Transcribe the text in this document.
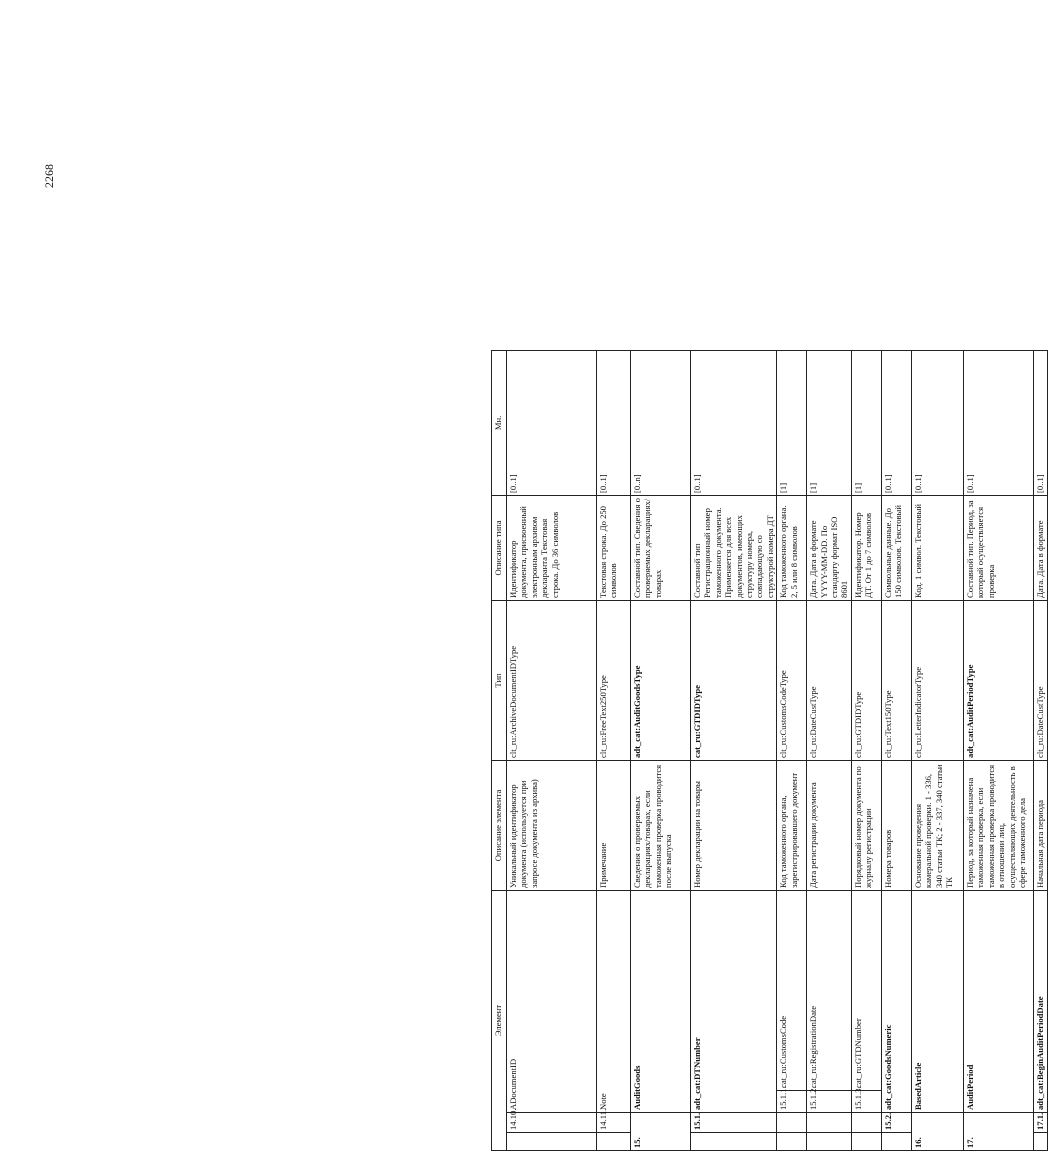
2268
Элемент				Описание элемента	Тип	Описание типа	Мн.
	14.10.	ADocumentID		Уникальный идентификатор документа (используется при запросе документа из архива)	clt_ru:ArchiveDocumentIDType	Идентификатор документа, присвоенный электронным архивом декларанта Текстовая строка. До 36 символов	[0..1]
	14.11.	Note		Примечание	clt_ru:FreeText250Type	Текстовая строка. До 250 символов	[0..1]
15.		AuditGoods		Сведения о проверяемых декларациях/товарах, если таможенная проверка проводится после выпуска	adt_cat:AuditGoodsType	Составной тип. Сведения о проверяемых декларациях/товарах	[0..n]
	15.1.	adt_cat:DTNumber		Номер декларации на товары	cat_ru:GTDIDType	Составной тип Регистрационный номер таможенного документа. Применяется для всех документов, имеющих структуру номера, совпадающую со структурой номера ДТ	[0..1]
		15.1.1.	cat_ru:CustomsCode	Код таможенного органа, зарегистрировавшего документ	clt_ru:CustomsCodeType	Код таможенного органа. 2, 5 или 8 символов	[1]
		15.1.2.	cat_ru:RegistrationDate	Дата регистрации документа	clt_ru:DateCustType	Дата. Дата в формате YYYY-MM-DD. По стандарту формат ISO 8601	[1]
		15.1.3.	cat_ru:GTDNumber	Порядковый номер документа по журналу регистрации	clt_ru:GTDIDType	Идентификатор. Номер ДТ. От 1 до 7 символов	[1]
	15.2.	adt_cat:GoodsNumeric		Номера товаров	clt_ru:Text150Type	Символьные данные. До 150 символов. Текстовый	[0..1]
16.		BasedArticle		Основание проведения камеральной проверки. 1 - 336, 340 статьи ТК; 2 - 337, 340 статьи ТК	clt_ru:LetterIndicatorType	Код. 1 символ. Текстовый	[0..1]
17.		AuditPeriod		Период, за который назначена таможенная проверка, если таможенная проверка проводится в отношении лиц, осуществляющих деятельность в сфере таможенного дела	adt_cat:AuditPeriodType	Составной тип. Период, за который осуществляется проверка	[0..1]
	17.1.	adt_cat:BeginAuditPeriodDate		Начальная дата периода	clt_ru:DateCustType	Дата. Дата в формате	[0..1]
